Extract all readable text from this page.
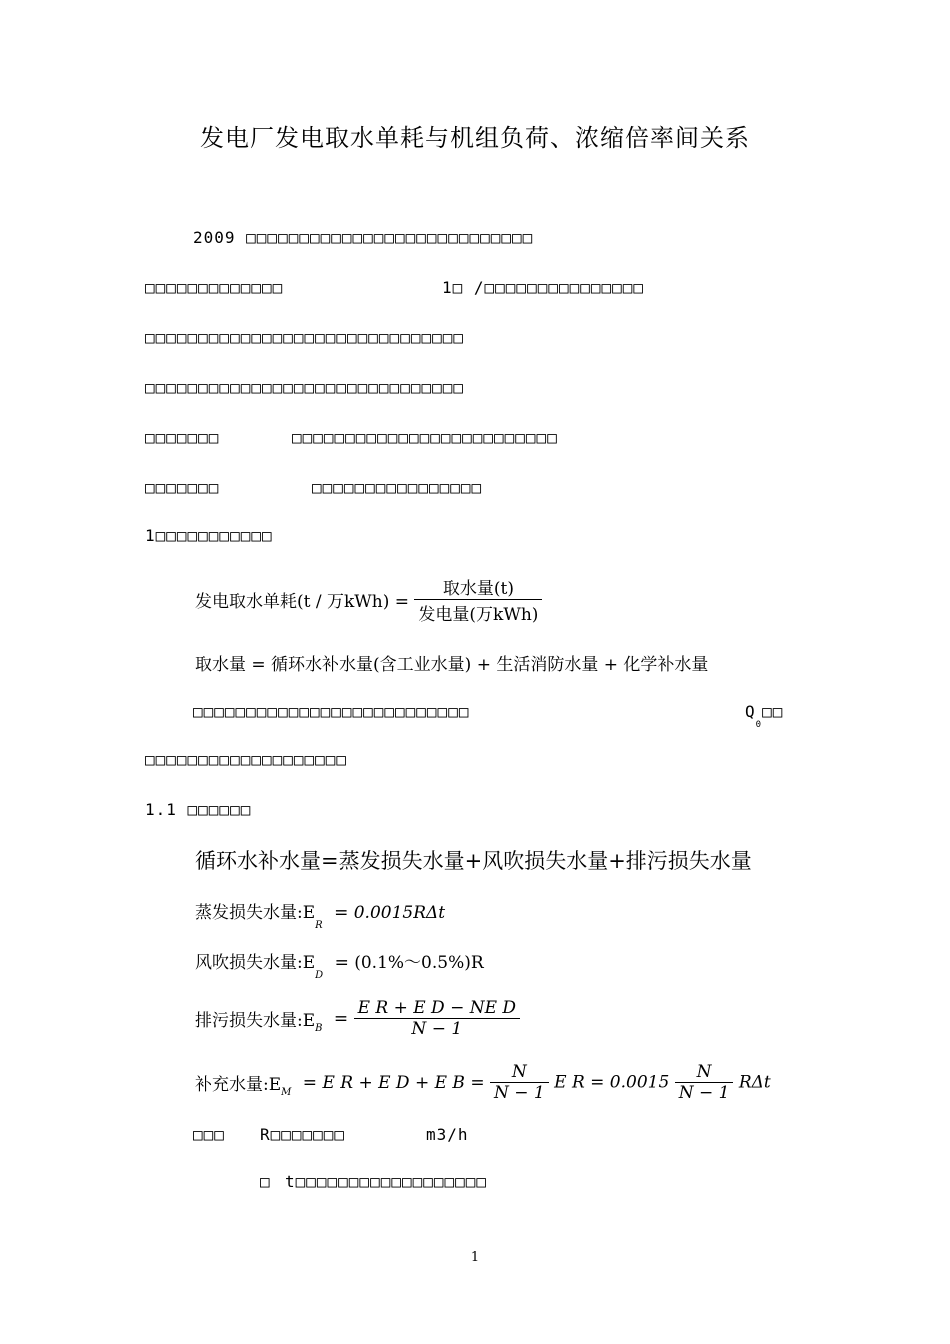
发电厂发电取水单耗与机组负荷、浓缩倍率间关系
2009 □□□□□□□□□□□□□□□□□□□□□□□□□□□
□□□□□□□□□□□□□	1□ /□□□□□□□□□□□□□□□
□□□□□□□□□□□□□□□□□□□□□□□□□□□□□□
□□□□□□□□□□□□□□□□□□□□□□□□□□□□□□
□□□□□□□	□□□□□□□□□□□□□□□□□□□□□□□□□
□□□□□□□	□□□□□□□□□□□□□□□□
1□□□□□□□□□□□
发电取水单耗(t / 万$kWh) = \frac{\text{取水量(t)}}{\text{发电量(万kWh)}}$
取水量 = 循环水补水量(含工业水量) + 生活消防水量 + 化学补水量
□□□□□□□□□□□□□□□□□□□□□□□□□□	$Q_0□□$
□□□□□□□□□□□□□□□□□□□
1.1 □□□□□□
循环水补水量=蒸发损失水量+风吹损失水量+排污损失水量
蒸发损失水量$:E_R = 0.0015R\Delta t$
风吹损失水量$:E_D$ = (0.1%～0.5%)R
排污损失水量$:E_B = \frac{\text{E R + E D − NE D}}{N - 1}$
补充水量$:E_M = E$ R + E D + E $B = \frac{N}{N - 1}$ E $R = 0.0015 \frac{N}{N - 1}$ RΔt
□□□ R□□□□□□□	m3/h
□ t□□□□□□□□□□□□□□□□□□
1
